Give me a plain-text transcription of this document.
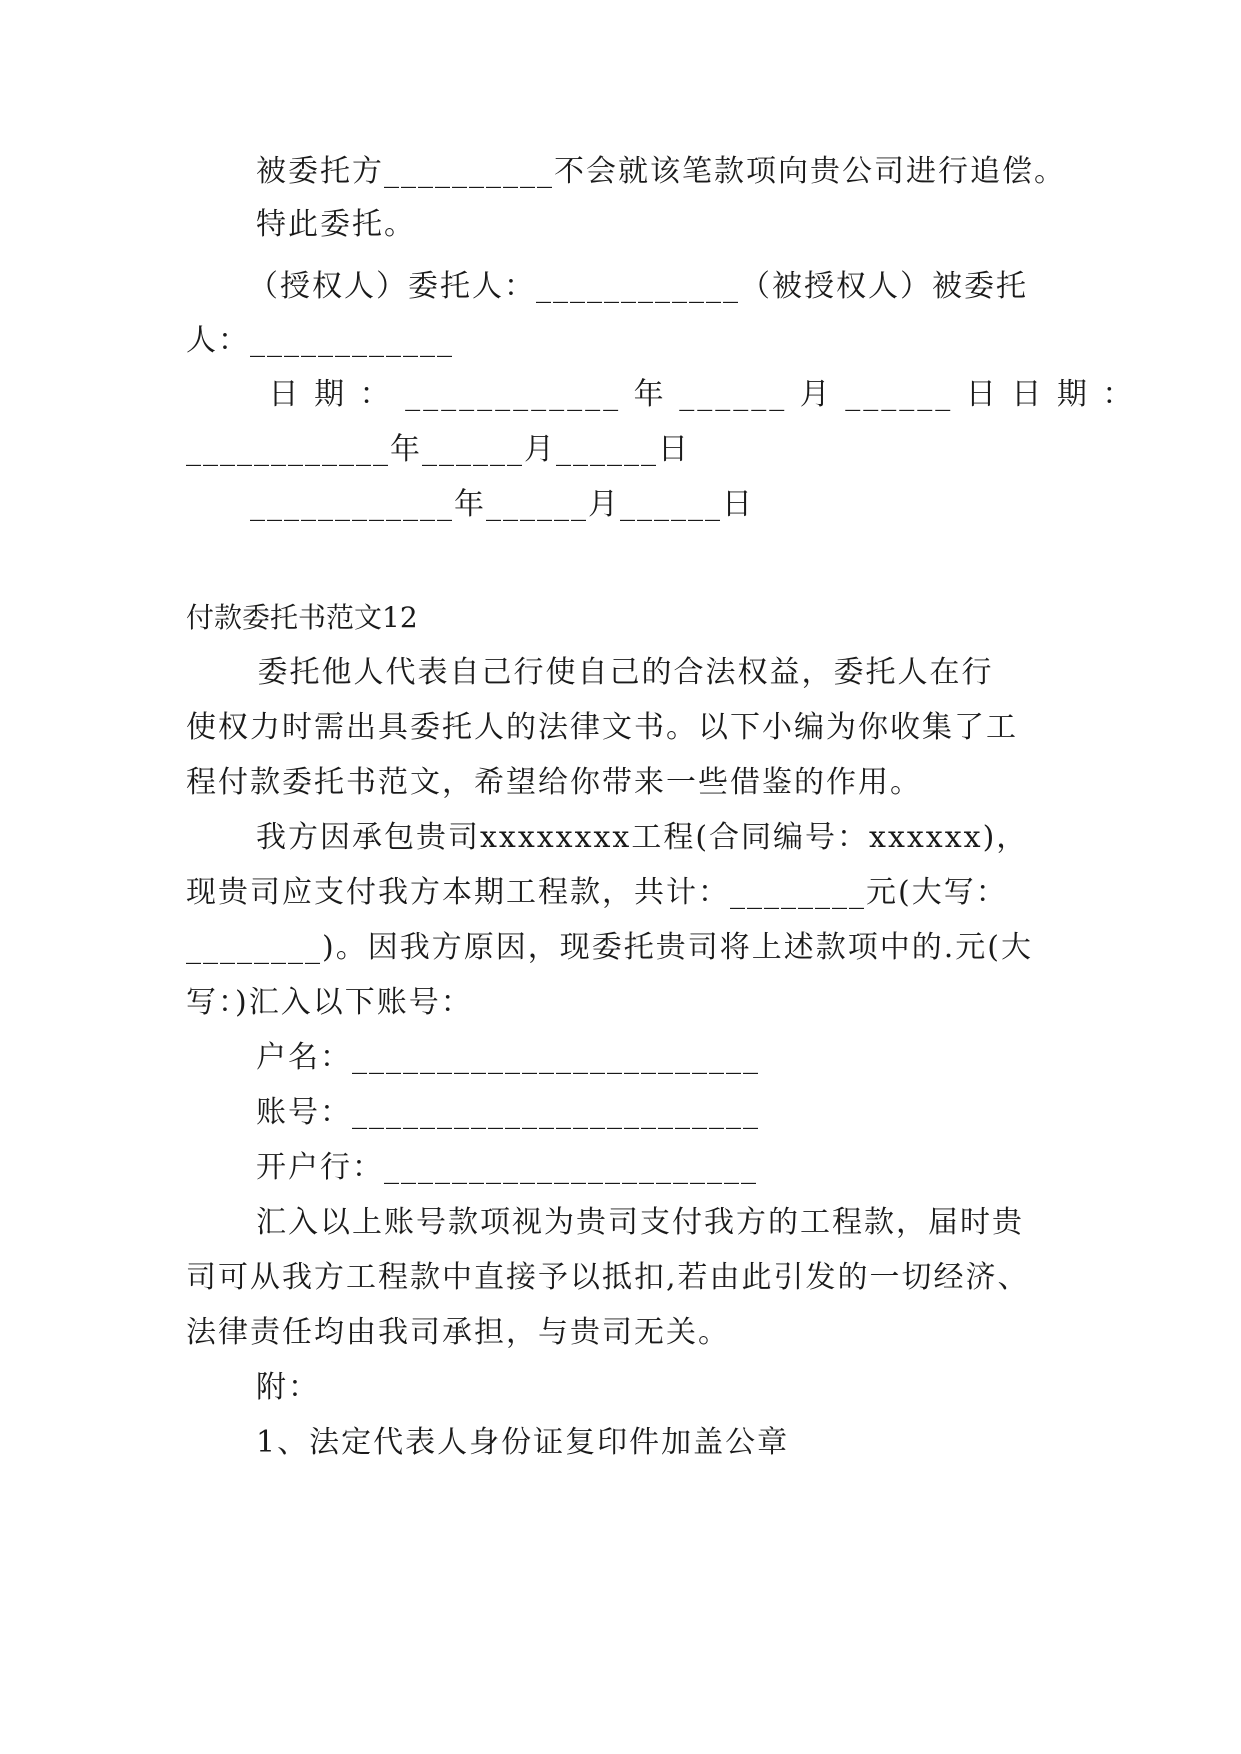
被委托方__________不会就该笔款项向贵公司进行追偿。
特此委托。
（授权人）委托人：____________（被授权人）被委托
人：____________
日 期 ： ____________ 年 ______ 月 ______ 日 日 期 ：
____________年______月______日
____________年______月______日
付款委托书范文12
委托他人代表自己行使自己的合法权益，委托人在行
使权力时需出具委托人的法律文书。以下小编为你收集了工
程付款委托书范文，希望给你带来一些借鉴的作用。
我方因承包贵司xxxxxxxx工程(合同编号：xxxxxx)，
现贵司应支付我方本期工程款，共计：________元(大写：
________)。因我方原因，现委托贵司将上述款项中的.元(大
写：)汇入以下账号：
户名：________________________
账号：________________________
开户行：______________________
汇入以上账号款项视为贵司支付我方的工程款，届时贵
司可从我方工程款中直接予以抵扣,若由此引发的一切经济、
法律责任均由我司承担，与贵司无关。
附：
1、法定代表人身份证复印件加盖公章
